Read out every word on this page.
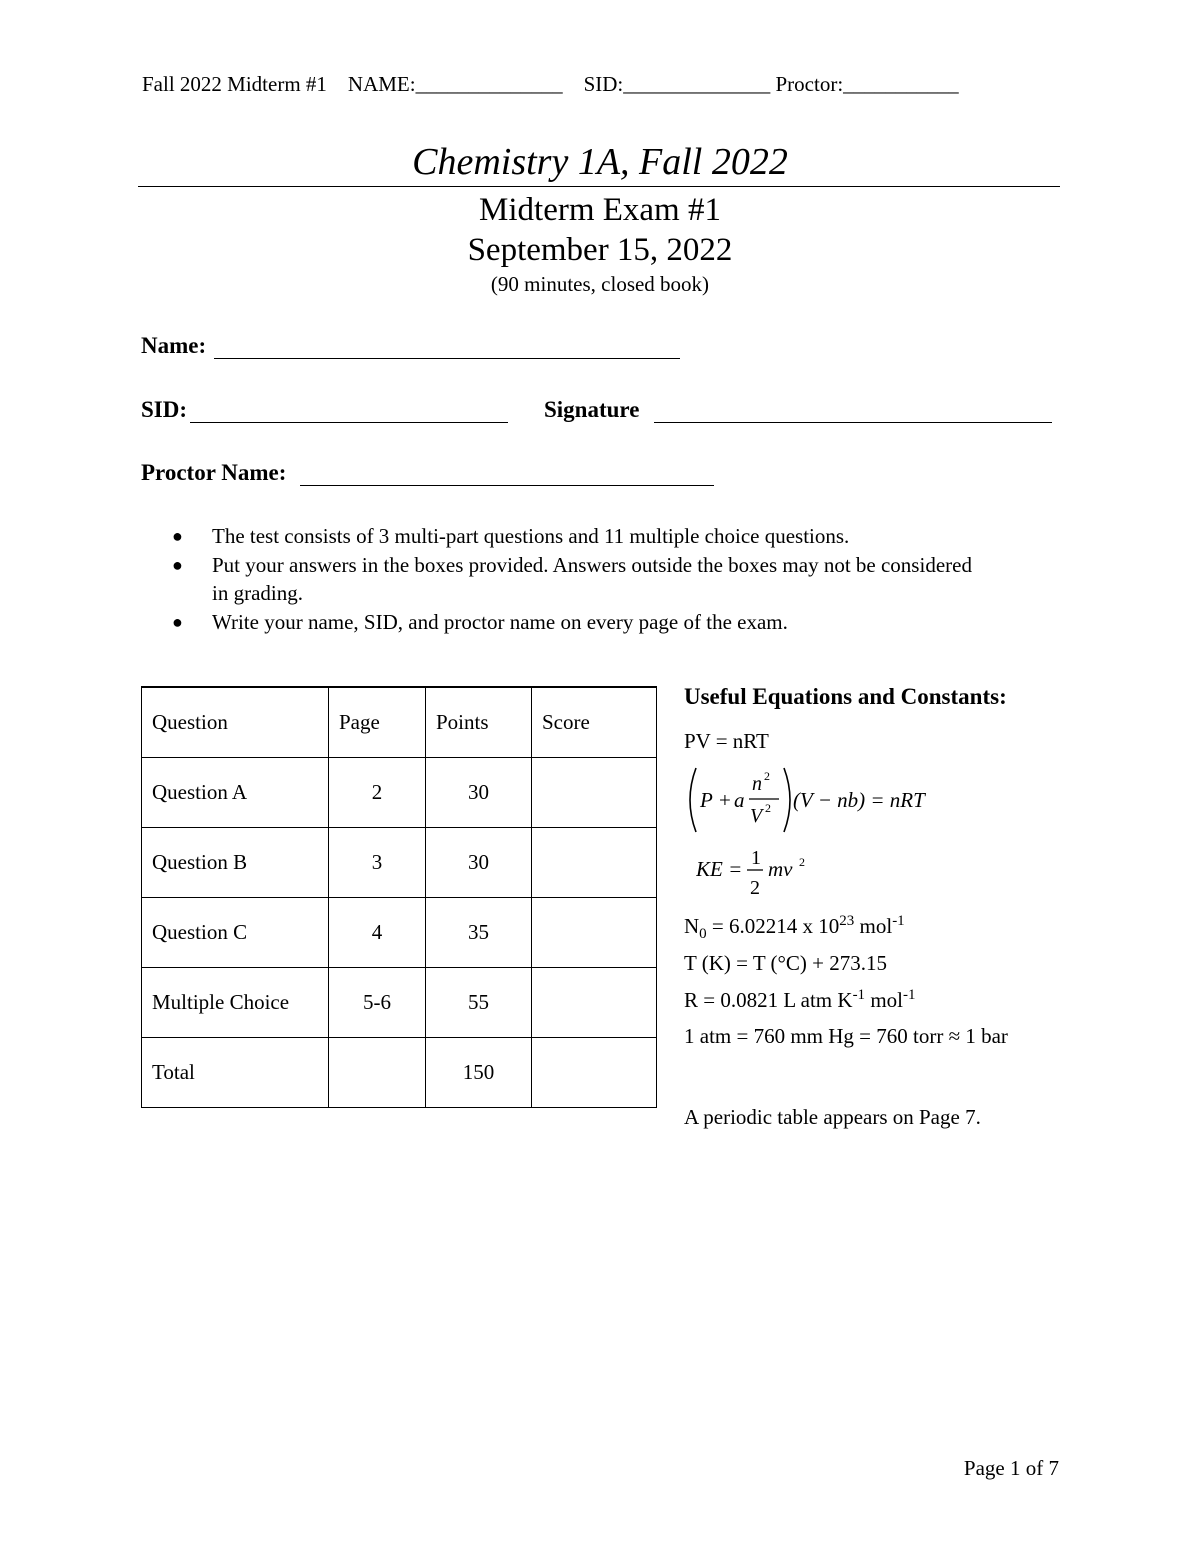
Fall 2022 Midterm #1    NAME:______________    SID:______________ Proctor:___________
Chemistry 1A, Fall 2022
Midterm Exam #1
September 15, 2022
(90 minutes, closed book)
Name:
SID:	Signature
Proctor Name:
●	The test consists of 3 multi-part questions and 11 multiple choice questions.
●	Put your answers in the boxes provided. Answers outside the boxes may not be considered in grading.
●	Write your name, SID, and proctor name on every page of the exam.
Question	Page	Points	Score
Question A	2	30	
Question B	3	30	
Question C	4	35	
Multiple Choice	5-6	55	
Total		150	
Useful Equations and Constants:
PV = nRT
P + a
n 2
V 2 (V − nb) = nRT
KE = 1
2
mv 2
$N_0 = 6.02214$ x $10^{23}$ mol$^{-1}$
T (K) = T (°C) + 273.15
R = 0.0821 L atm $K^{-1}$ mol$^{-1}$
1 atm = 760 mm Hg = 760 torr ≈ 1 bar
A periodic table appears on Page 7.
Page 1 of 7
